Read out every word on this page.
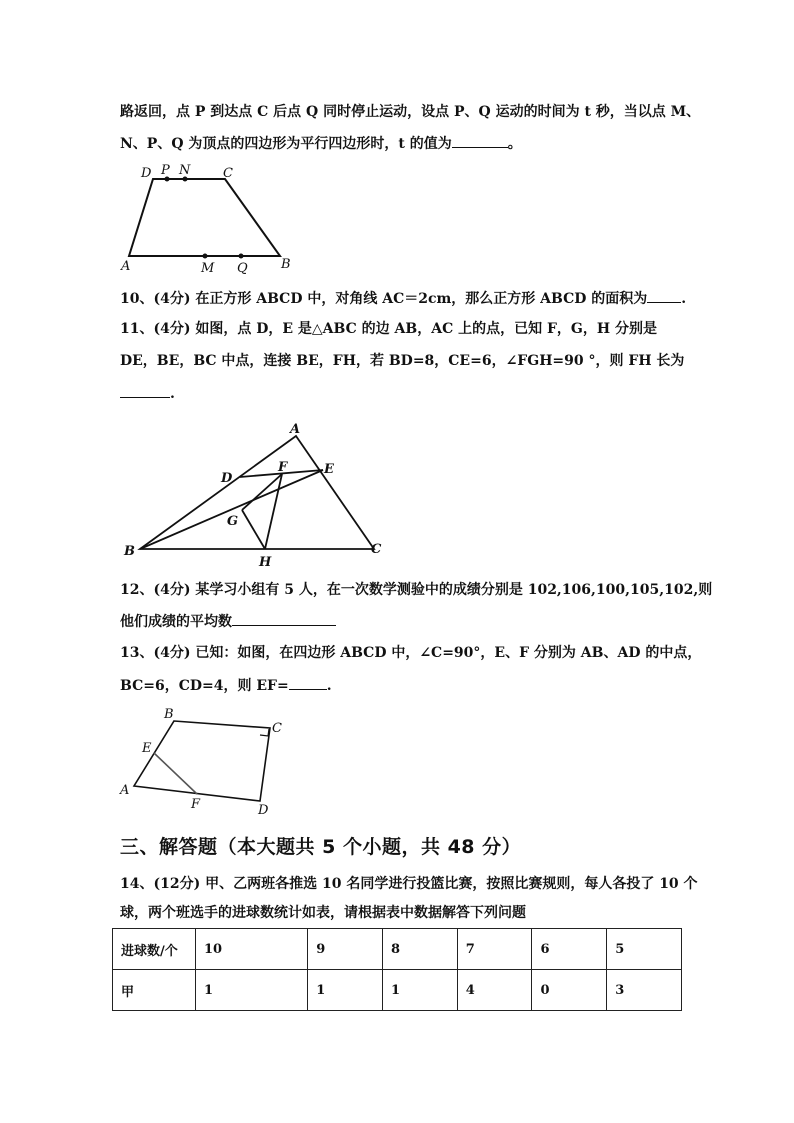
路返回，点 P 到达点 C 后点 Q 同时停止运动，设点 P、Q 运动的时间为 t 秒，当以点 M、
N、P、Q 为顶点的四边形为平行四边形时，t 的值为	。
D P N	C
A	M Q	B
10、(4分) 在正方形 ABCD 中，对角线 AC＝2cm，那么正方形 ABCD 的面积为 .
11、(4分) 如图，点 D，E 是△ABC 的边 AB，AC 上的点，已知 F，G，H 分别是
DE，BE，BC 中点，连接 BE，FH，若 BD=8，CE=6，∠FGH=90 °，则 FH 长为
.
A
D
F	E
G
B
H
C
12、(4分) 某学习小组有 5 人，在一次数学测验中的成绩分别是 102,106,100,105,102,则
他们成绩的平均数
13、(4分) 已知：如图，在四边形 ABCD 中，∠C=90°，E、F 分别为 AB、AD 的中点，
BC=6，CD=4，则 EF=	.
B
C
E
A
F	D
三、解答题（本大题共 5 个小题，共 48 分）
14、(12分) 甲、乙两班各推选 10 名同学进行投篮比赛，按照比赛规则，每人各投了 10 个
球，两个班选手的进球数统计如表，请根据表中数据解答下列问题
进球数/个	10	9	8	7	6	5
甲	1	1	1	4	0	3
